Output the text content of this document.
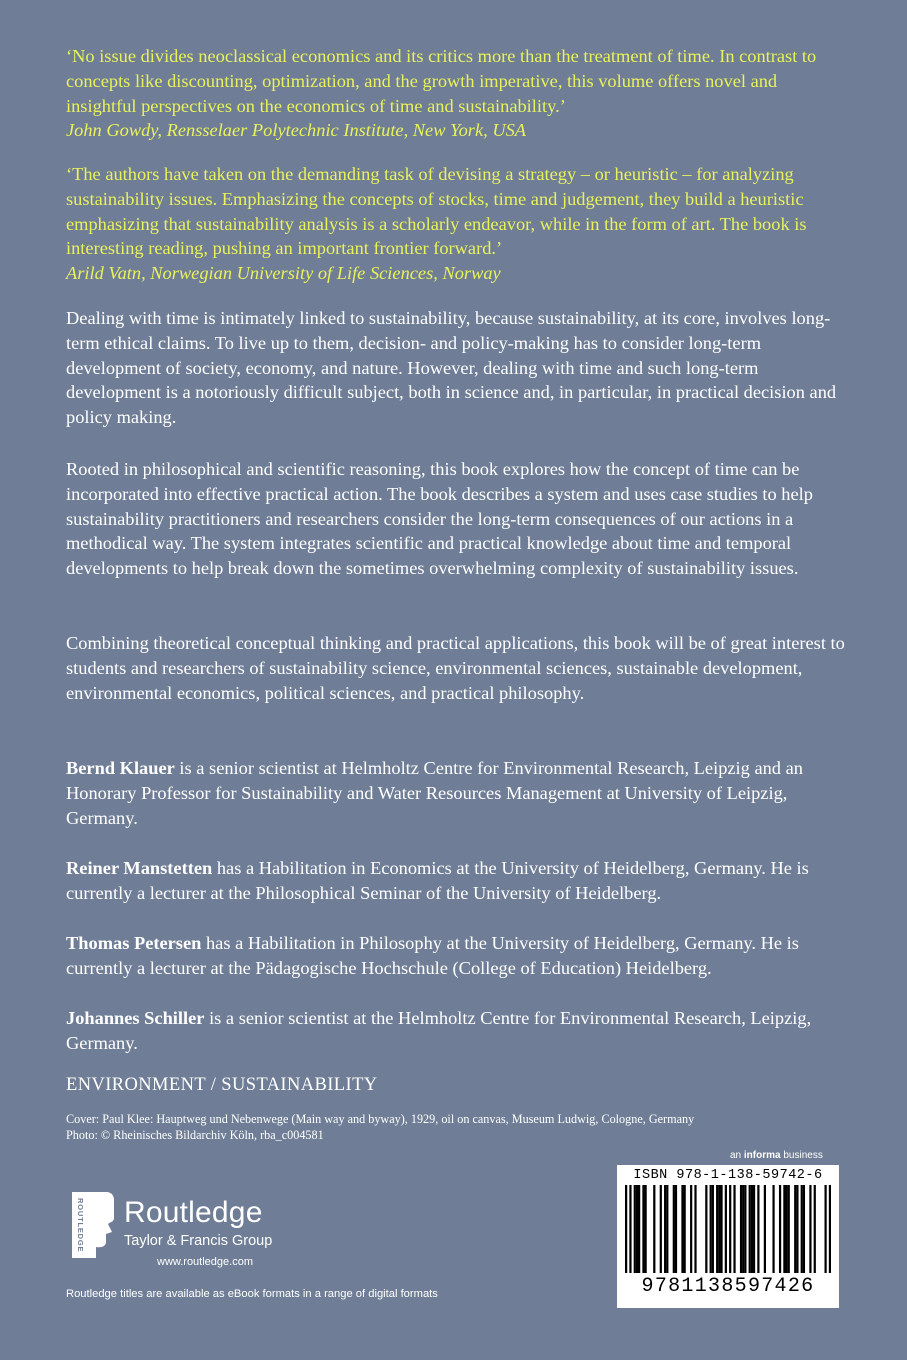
‘No issue divides neoclassical economics and its critics more than the treatment of time. In contrast to concepts like discounting, optimization, and the growth imperative, this volume offers novel and insightful perspectives on the economics of time and sustainability.’

John Gowdy, Rensselaer Polytechnic Institute, New York, USA

‘The authors have taken on the demanding task of devising a strategy – or heuristic – for analyzing sustainability issues. Emphasizing the concepts of stocks, time and judgement, they build a heuristic emphasizing that sustainability analysis is a scholarly endeavor, while in the form of art. The book is interesting reading, pushing an important frontier forward.’

Arild Vatn, Norwegian University of Life Sciences, Norway

Dealing with time is intimately linked to sustainability, because sustainability, at its core, involves long-term ethical claims. To live up to them, decision- and policy-making has to consider long-term development of society, economy, and nature. However, dealing with time and such long-term development is a notoriously difficult subject, both in science and, in particular, in practical decision and policy making.

Rooted in philosophical and scientific reasoning, this book explores how the concept of time can be incorporated into effective practical action. The book describes a system and uses case studies to help sustainability practitioners and researchers consider the long-term consequences of our actions in a methodical way. The system integrates scientific and practical knowledge about time and temporal developments to help break down the sometimes overwhelming complexity of sustainability issues.

Combining theoretical conceptual thinking and practical applications, this book will be of great interest to students and researchers of sustainability science, environmental sciences, sustainable development, environmental economics, political sciences, and practical philosophy.

Bernd Klauer is a senior scientist at Helmholtz Centre for Environmental Research, Leipzig and an Honorary Professor for Sustainability and Water Resources Management at University of Leipzig, Germany.

Reiner Manstetten has a Habilitation in Economics at the University of Heidelberg, Germany. He is currently a lecturer at the Philosophical Seminar of the University of Heidelberg.

Thomas Petersen has a Habilitation in Philosophy at the University of Heidelberg, Germany. He is currently a lecturer at the Pädagogische Hochschule (College of Education) Heidelberg.

Johannes Schiller is a senior scientist at the Helmholtz Centre for Environmental Research, Leipzig, Germany.

ENVIRONMENT / SUSTAINABILITY
Cover: Paul Klee: Hauptweg und Nebenwege (Main way and byway), 1929, oil on canvas, Museum Ludwig, Cologne, Germany
Photo: © Rheinisches Bildarchiv Köln, rba_c004581
an informa business
ISBN 978-1-138-59742-6
9781138597426
ROUTLEDGE Routledge
Taylor & Francis Group
www.routledge.com
Routledge titles are available as eBook formats in a range of digital formats
